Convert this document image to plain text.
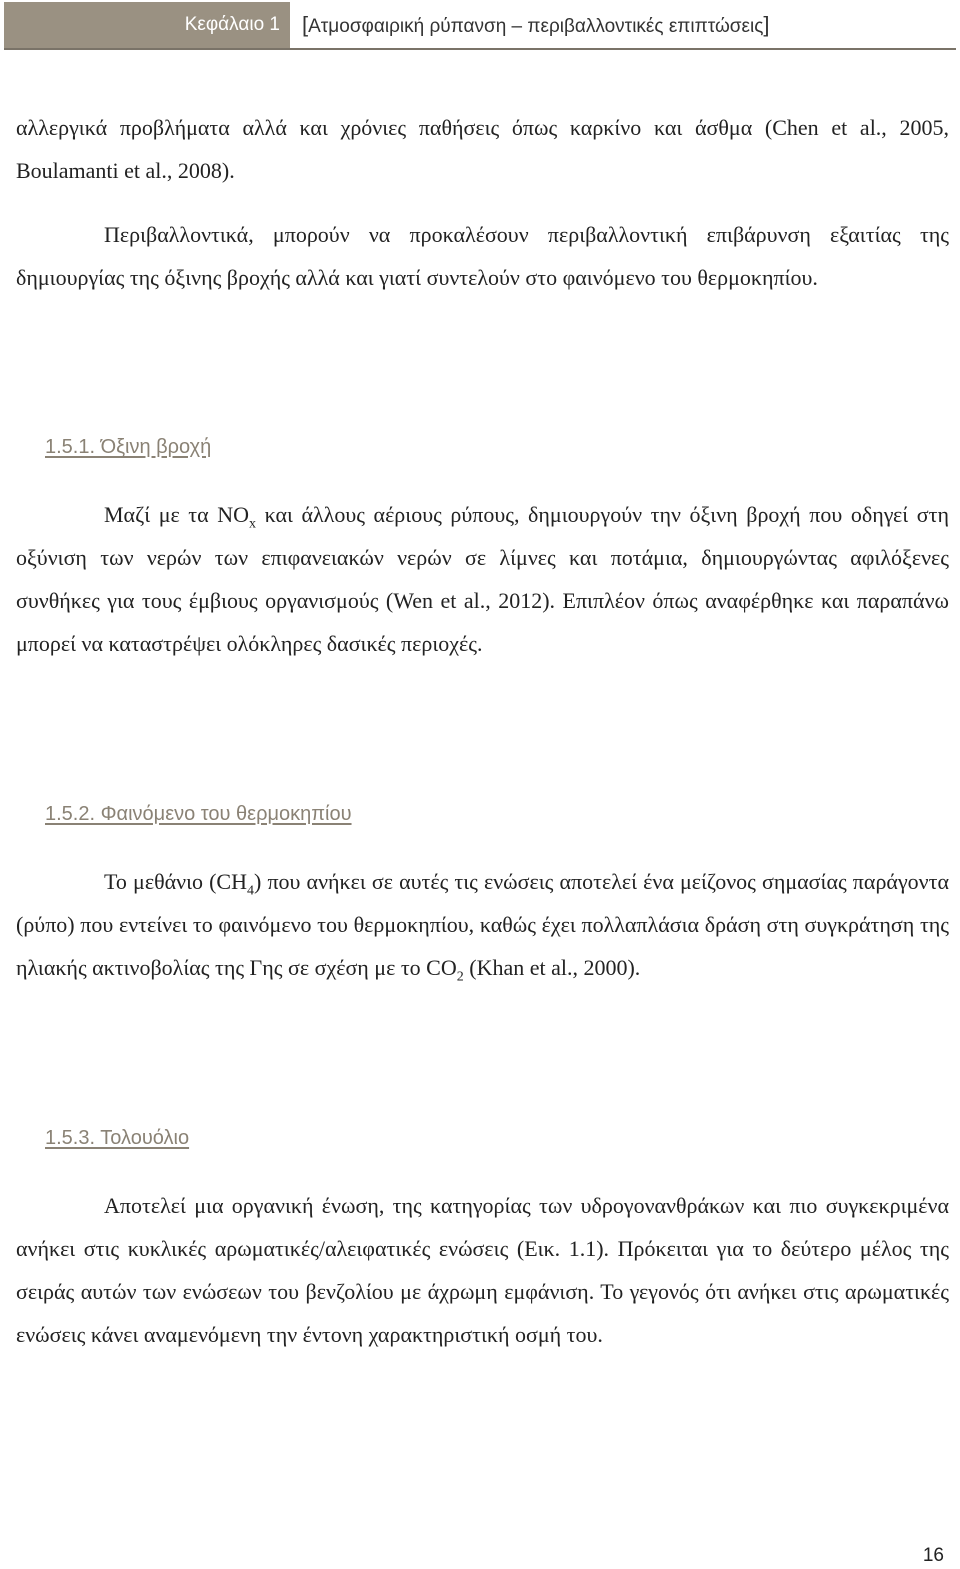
Κεφάλαιο 1	[Ατμοσφαιρική ρύπανση – περιβαλλοντικές επιπτώσεις]

αλλεργικά προβλήματα αλλά και χρόνιες παθήσεις όπως καρκίνο και άσθμα (Chen et al., 2005, Boulamanti et al., 2008).

Περιβαλλοντικά, μπορούν να προκαλέσουν περιβαλλοντική επιβάρυνση εξαιτίας της δημιουργίας της όξινης βροχής αλλά και γιατί συντελούν στο φαινόμενο του θερμοκηπίου.

1.5.1. Όξινη βροχή

Μαζί με τα $NO_x$ και άλλους αέριους ρύπους, δημιουργούν την όξινη βροχή που οδηγεί στη οξύνιση των νερών των επιφανειακών νερών σε λίμνες και ποτάμια, δημιουργώντας αφιλόξενες συνθήκες για τους έμβιους οργανισμούς (Wen et al., 2012). Επιπλέον όπως αναφέρθηκε και παραπάνω μπορεί να καταστρέψει ολόκληρες δασικές περιοχές.

1.5.2. Φαινόμενο του θερμοκηπίου

Το μεθάνιο $(CH_4)$ που ανήκει σε αυτές τις ενώσεις αποτελεί ένα μείζονος σημασίας παράγοντα (ρύπο) που εντείνει το φαινόμενο του θερμοκηπίου, καθώς έχει πολλαπλάσια δράση στη συγκράτηση της ηλιακής ακτινοβολίας της Γης σε σχέση με το $CO_2$ (Khan et al., 2000).

1.5.3. Τολουόλιο

Αποτελεί μια οργανική ένωση, της κατηγορίας των υδρογονανθράκων και πιο συγκεκριμένα ανήκει στις κυκλικές αρωματικές/αλειφατικές ενώσεις (Εικ. 1.1). Πρόκειται για το δεύτερο μέλος της σειράς αυτών των ενώσεων του βενζολίου με άχρωμη εμφάνιση. Το γεγονός ότι ανήκει στις αρωματικές ενώσεις κάνει αναμενόμενη την έντονη χαρακτηριστική οσμή του.

16
